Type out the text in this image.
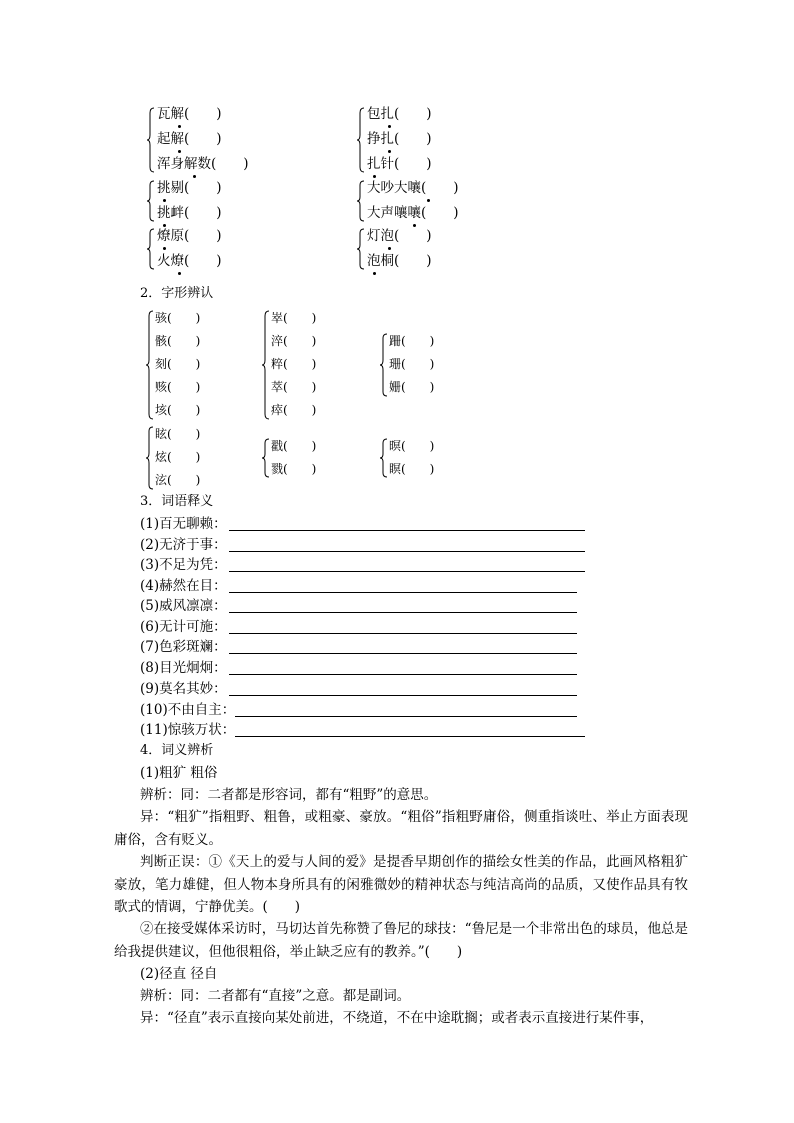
瓦解(　　)
起解(　　)
浑身解数(　　)
包扎(　　)
挣扎(　　)
扎针(　　)
挑剔(　　)
挑衅(　　)
大吵大嚷(　　)
大声嚷嚷(　　)
燎原(　　)
火燎(　　)
灯泡(　　)
泡桐(　　)
2．字形辨认
骇(　　)
骸(　　)
刻(　　)
赅(　　)
垓(　　)
崒(　　)
淬(　　)
粹(　　)
萃(　　)
瘁(　　)
跚(　　)
珊(　　)
姗(　　)
眩(　　)
炫(　　)
泫(　　)
戳(　　)
戮(　　)
暝(　　)
瞑(　　)
3．词语释义
(1)百无聊赖：
(2)无济于事：
(3)不足为凭：
(4)赫然在目：
(5)威风凛凛：
(6)无计可施：
(7)色彩斑斓：
(8)目光炯炯：
(9)莫名其妙：
(10)不由自主：
(11)惊骇万状：
4．词义辨析
(1)粗犷 粗俗
辨析：同：二者都是形容词，都有“粗野”的意思。
异：“粗犷”指粗野、粗鲁，或粗豪、豪放。“粗俗”指粗野庸俗，侧重指谈吐、举止方面表现庸俗，含有贬义。
判断正误：①《天上的爱与人间的爱》是提香早期创作的描绘女性美的作品，此画风格粗犷豪放，笔力雄健，但人物本身所具有的闲雅微妙的精神状态与纯洁高尚的品质，又使作品具有牧歌式的情调，宁静优美。(　　)
②在接受媒体采访时，马切达首先称赞了鲁尼的球技：“鲁尼是一个非常出色的球员，他总是给我提供建议，但他很粗俗，举止缺乏应有的教养。”(　　)
(2)径直 径自
辨析：同：二者都有“直接”之意。都是副词。
异：“径直”表示直接向某处前进，不绕道，不在中途耽搁；或者表示直接进行某件事，
